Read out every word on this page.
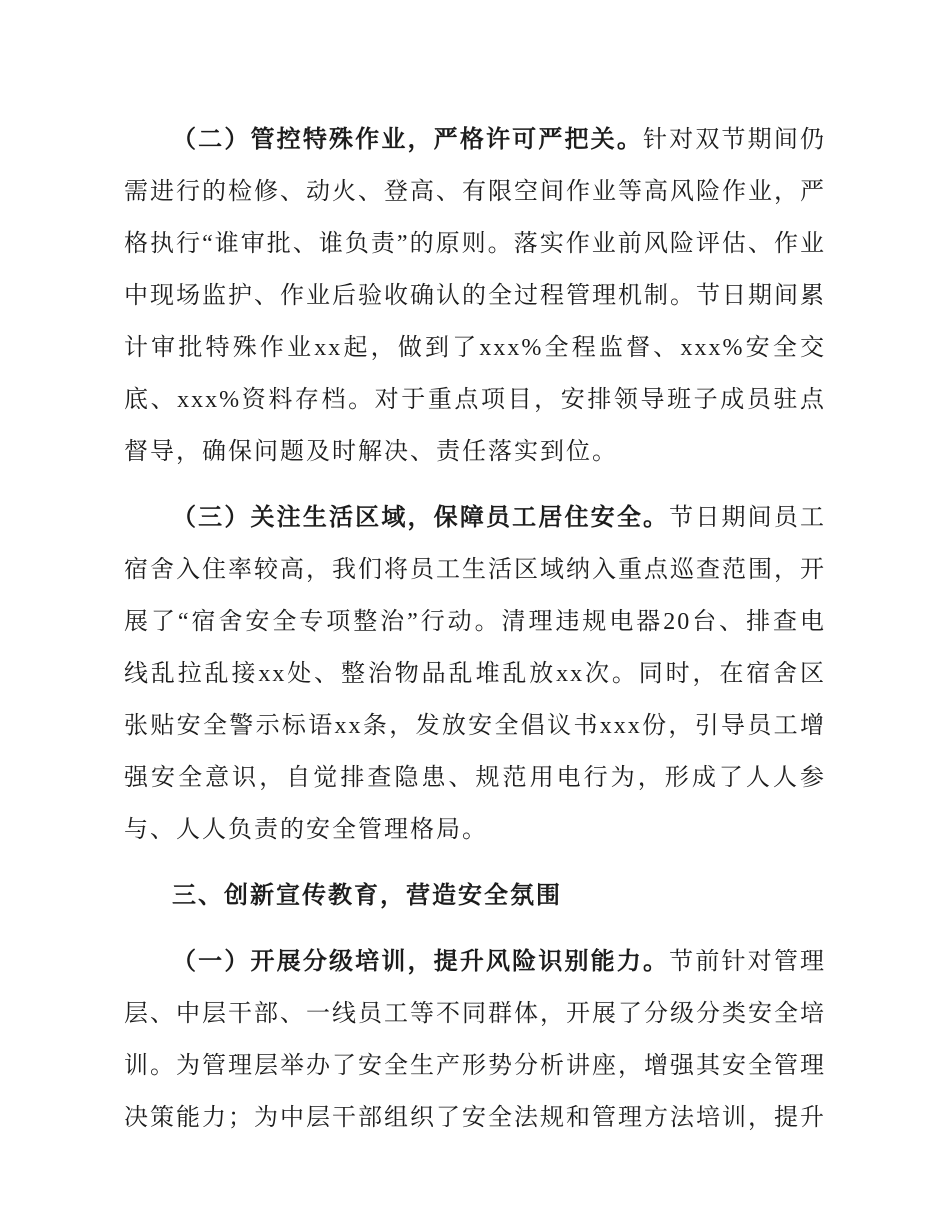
（二）管控特殊作业，严格许可严把关。针对双节期间仍需进行的检修、动火、登高、有限空间作业等高风险作业，严格执行“谁审批、谁负责”的原则。落实作业前风险评估、作业中现场监护、作业后验收确认的全过程管理机制。节日期间累计审批特殊作业xx起，做到了xxx%全程监督、xxx%安全交底、xxx%资料存档。对于重点项目，安排领导班子成员驻点督导，确保问题及时解决、责任落实到位。

（三）关注生活区域，保障员工居住安全。节日期间员工宿舍入住率较高，我们将员工生活区域纳入重点巡查范围，开展了“宿舍安全专项整治”行动。清理违规电器20台、排查电线乱拉乱接xx处、整治物品乱堆乱放xx次。同时，在宿舍区张贴安全警示标语xx条，发放安全倡议书xxx份，引导员工增强安全意识，自觉排查隐患、规范用电行为，形成了人人参与、人人负责的安全管理格局。

三、创新宣传教育，营造安全氛围

（一）开展分级培训，提升风险识别能力。节前针对管理层、中层干部、一线员工等不同群体，开展了分级分类安全培训。为管理层举办了安全生产形势分析讲座，增强其安全管理决策能力；为中层干部组织了安全法规和管理方法培训，提升
